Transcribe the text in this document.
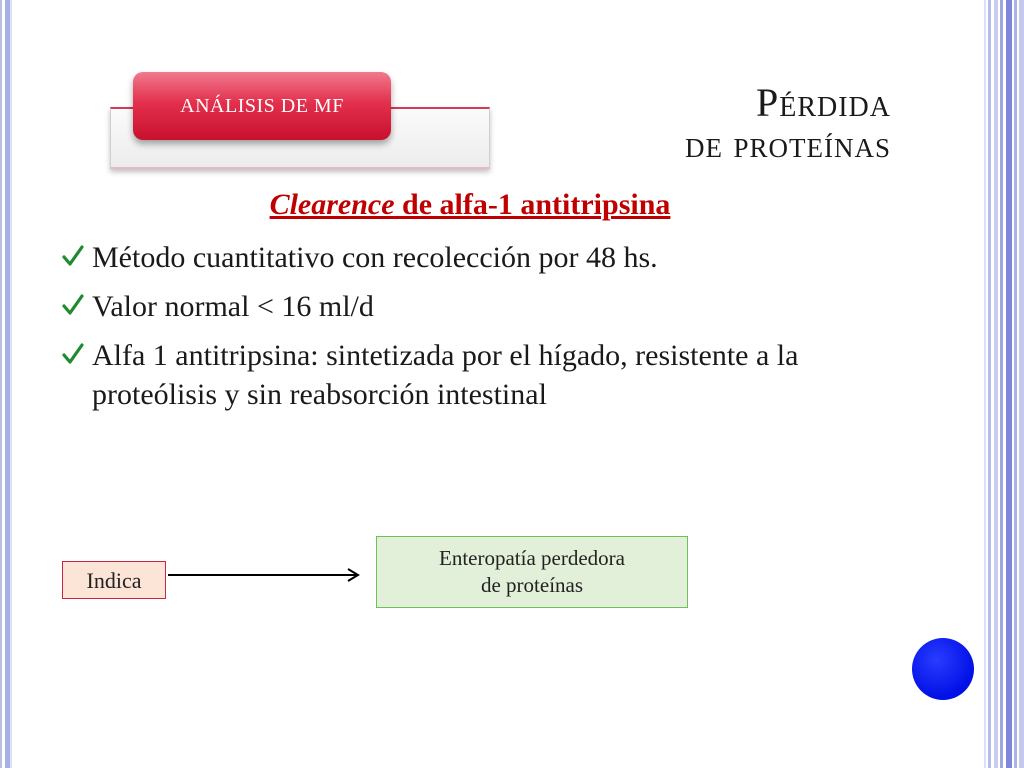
ANÁLISIS DE MF	Pérdida
de proteínas
Clearence de alfa-1 antitripsina
Método cuantitativo con recolección por 48 hs.
Valor normal < 16 ml/d
Alfa 1 antitripsina: sintetizada por el hígado, resistente a la proteólisis y sin reabsorción intestinal
Indica
Enteropatía perdedora
de proteínas
